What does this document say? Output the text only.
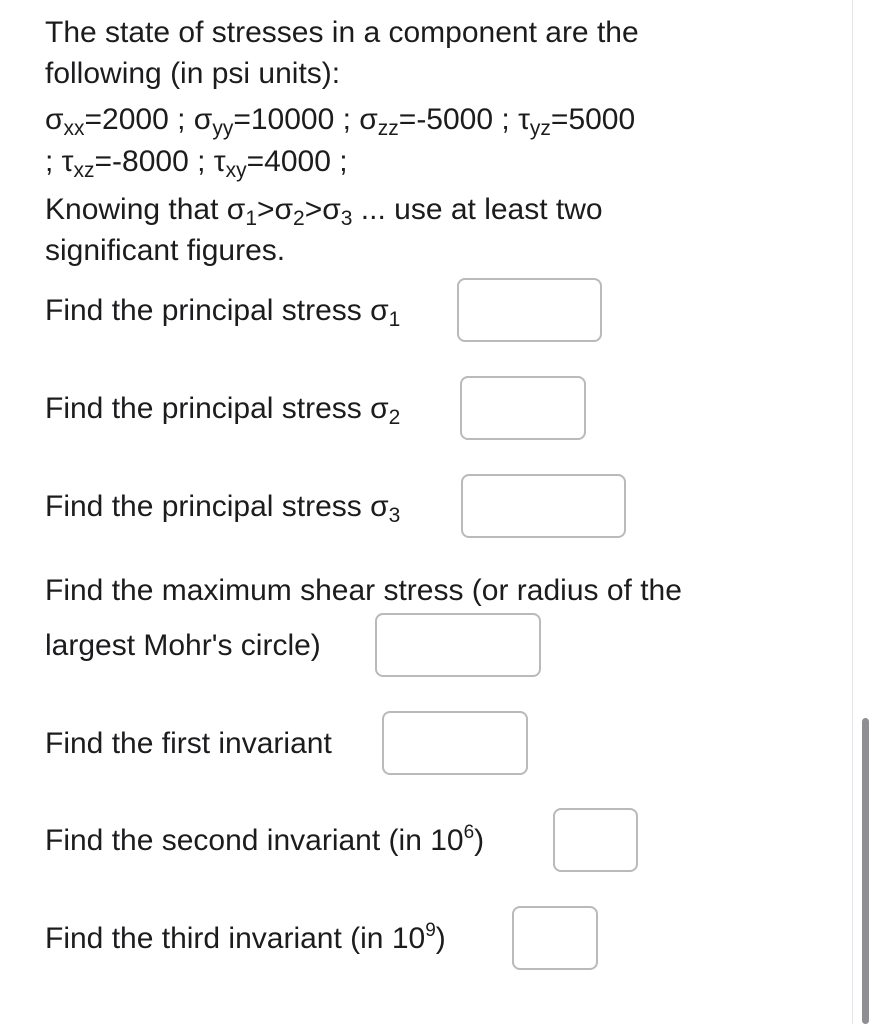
The state of stresses in a component are the
following (in psi units):
$\sigma_{xx}=2000$ ; $\sigma_{yy}=10000$ ; $\sigma_{zz}=-5000$ ; $\tau_{yz}=5000$
; $\tau_{xz}=-8000$ ; $\tau_{xy}=4000$ ;
Knowing that $\sigma_1>\sigma_2>\sigma_3$ ... use at least two
significant figures.
Find the principal stress $\sigma_1$
Find the principal stress $\sigma_2$
Find the principal stress $\sigma_3$
Find the maximum shear stress (or radius of the
largest Mohr's circle)
Find the first invariant
Find the second invariant (in $10^6$)
Find the third invariant (in $10^9$)
